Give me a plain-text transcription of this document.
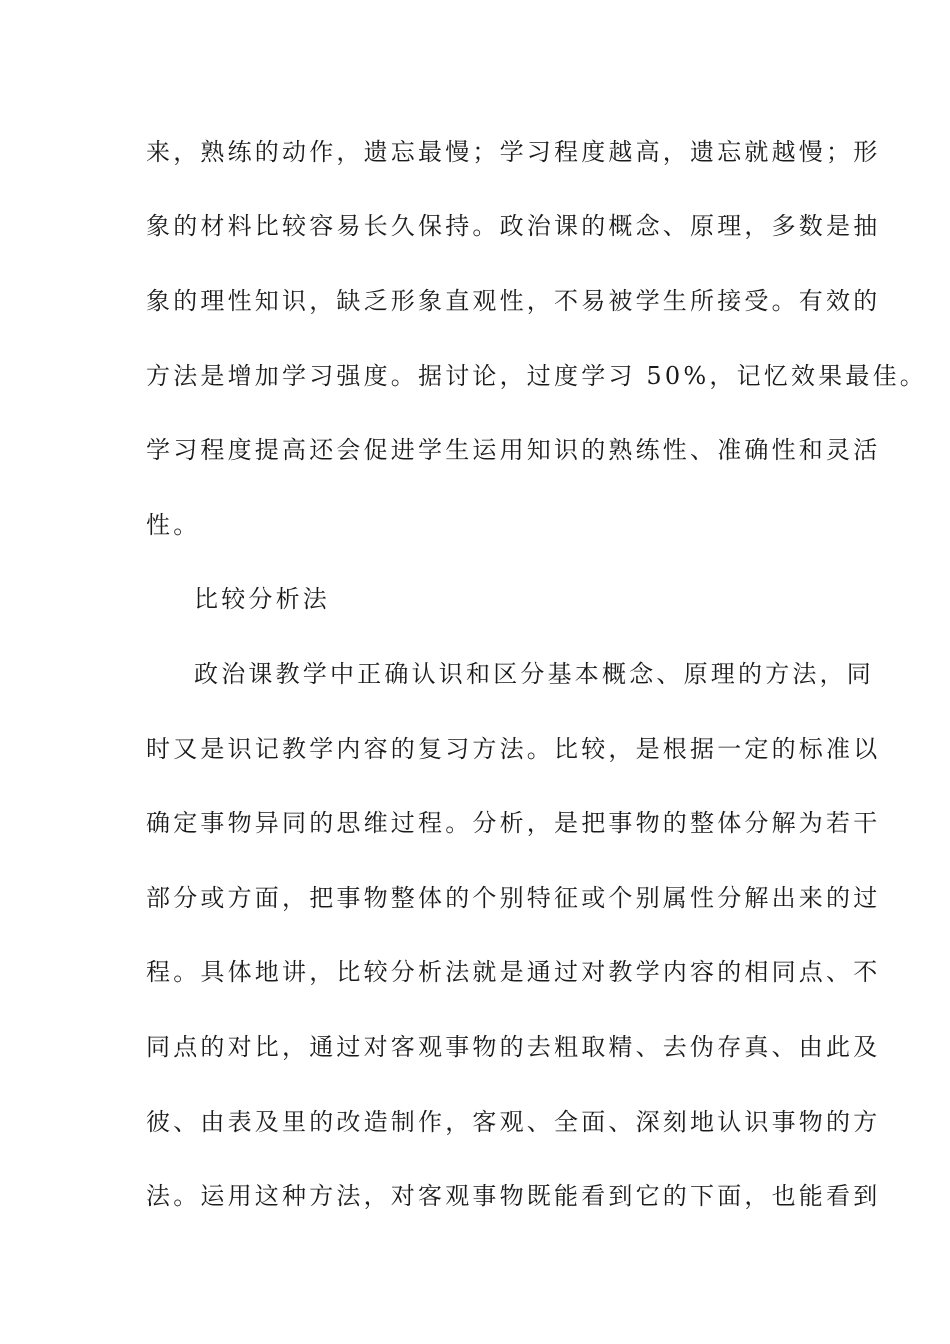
来，熟练的动作，遗忘最慢；学习程度越高，遗忘就越慢；形
象的材料比较容易长久保持。政治课的概念、原理，多数是抽
象的理性知识，缺乏形象直观性，不易被学生所接受。有效的
方法是增加学习强度。据讨论，过度学习 50%，记忆效果最佳。
学习程度提高还会促进学生运用知识的熟练性、准确性和灵活
性。
比较分析法
政治课教学中正确认识和区分基本概念、原理的方法，同
时又是识记教学内容的复习方法。比较，是根据一定的标准以
确定事物异同的思维过程。分析，是把事物的整体分解为若干
部分或方面，把事物整体的个别特征或个别属性分解出来的过
程。具体地讲，比较分析法就是通过对教学内容的相同点、不
同点的对比，通过对客观事物的去粗取精、去伪存真、由此及
彼、由表及里的改造制作，客观、全面、深刻地认识事物的方
法。运用这种方法，对客观事物既能看到它的下面，也能看到
